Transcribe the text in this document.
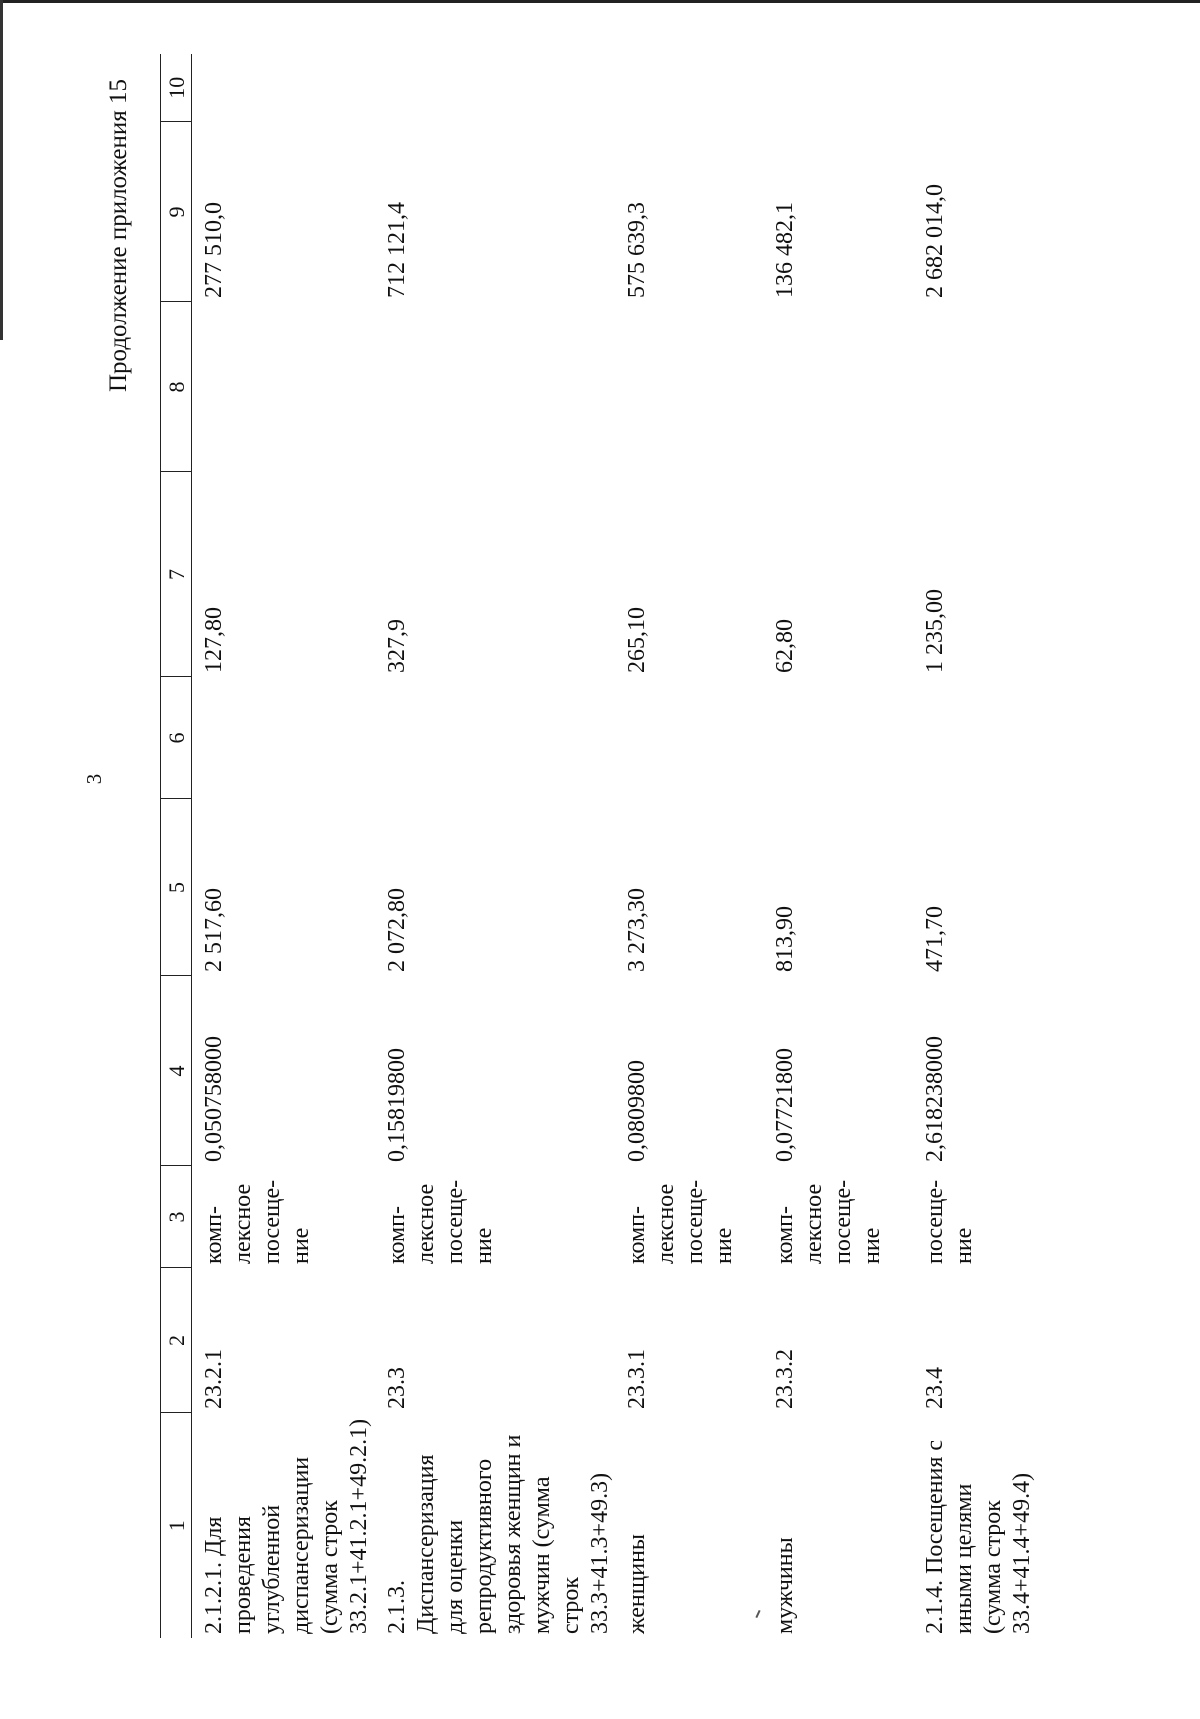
3
Продолжение приложения 15
1	2	3	4	5	6	7	8	9	10
2.1.2.1. Для проведения углубленной диспансеризации (сумма строк 33.2.1+41.2.1+49.2.1)	23.2.1	комп-лексное посеще-ние	0,050758000	2 517,60		127,80		277 510,0	
2.1.3. Диспансеризация для оценки репродуктивного здоровья женщин и мужчин (сумма строк 33.3+41.3+49.3)	23.3	комп-лексное посеще-ние	0,15819800	2 072,80		327,9		712 121,4	
женщины	23.3.1	комп-лексное посеще-ние	0,0809800	3 273,30		265,10		575 639,3	
мужчины	23.3.2	комп-лексное посеще-ние	0,07721800	813,90		62,80		136 482,1	
2.1.4. Посещения с иными целями (сумма строк 33.4+41.4+49.4)	23.4	посеще-ние	2,618238000	471,70		1 235,00		2 682 014,0	
